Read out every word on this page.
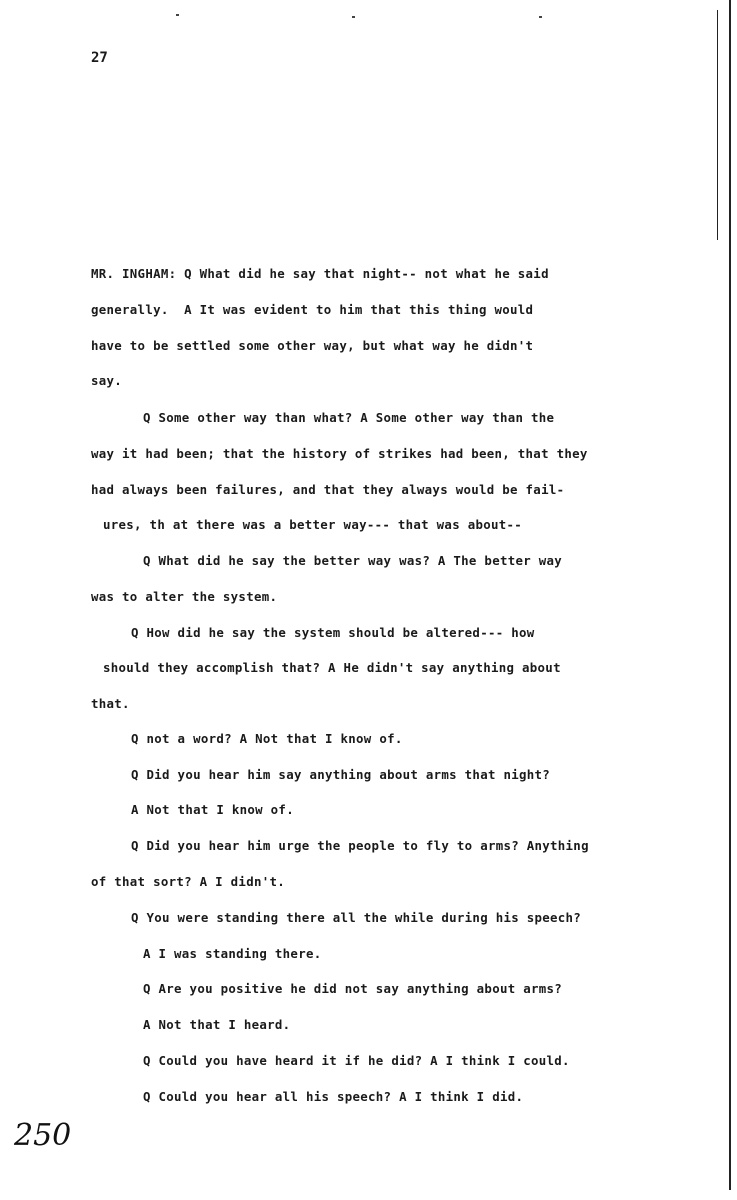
27
MR. INGHAM: Q What did he say that night-- not what he said
generally.  A It was evident to him that this thing would
have to be settled some other way, but what way he didn't
say.
Q Some other way than what? A Some other way than the
way it had been; that the history of strikes had been, that they
had always been failures, and that they always would be fail-
ures, th at there was a better way--- that was about--
Q What did he say the better way was? A The better way
was to alter the system.
Q How did he say the system should be altered--- how
should they accomplish that? A He didn't say anything about
that.
Q not a word? A Not that I know of.
Q Did you hear him say anything about arms that night?
A Not that I know of.
Q Did you hear him urge the people to fly to arms? Anything
of that sort? A I didn't.
Q You were standing there all the while during his speech?
A I was standing there.
Q Are you positive he did not say anything about arms?
A Not that I heard.
Q Could you have heard it if he did? A I think I could.
Q Could you hear all his speech? A I think I did.
250
